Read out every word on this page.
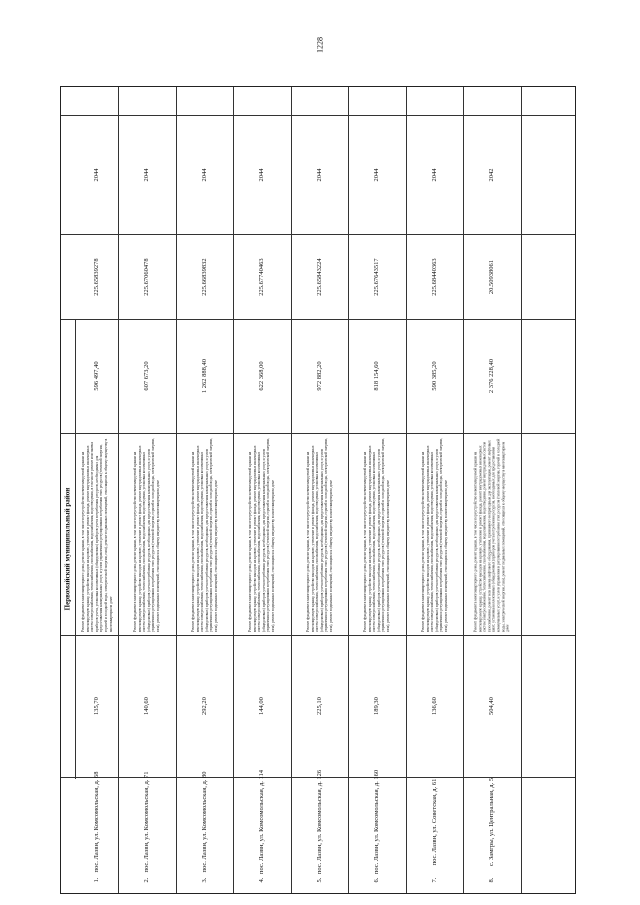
1228
Первомайский муниципальный район
2044
225.65839278
596 497,40
Ремонт фундамента многоквартирного дома, ремонт крыши, в том числе переустройство невентилируемой крыши на вентилируемую крышу, устройство выходов на кровлю, утепление и ремонт фасада, ремонт внутридомовых инженерных систем электроснабжения, теплоснабжения, газоснабжения, водоснабжения, водоотведения, в том числе ремонт или замена приборов учета, установка коллективных (общедомовых) приборов учета потребления ресурсов, необходимых для предоставления коммунальных услуг, и узлов управления и регулирования потребления этих ресурсов (тепловой энергии, горячей и холодной воды, электрической энергии, газа), ремонт подвальных помещений, относящихся к общему имуществу в многоквартирном доме
135,70
пос. Лазвн, ул. Комсомольская, д. 68
1.
2044
225.67060478
607 673,20
Ремонт фундамента многоквартирного дома, ремонт крыши, в том числе переустройство невентилируемой крыши на вентилируемую крышу, устройство выходов на кровлю, утепление и ремонт фасада, ремонт внутридомовых инженерных систем электроснабжения, теплоснабжения, газоснабжения, водоснабжения, водоотведения, установка коллективных (общедомовых) приборов учета потребления ресурсов, необходимых для предоставления коммунальных услуг, и узлов управления и регулирования потребления этих ресурсов (тепловой энергии, горячей и холодной воды, электрической энергии, газа), ремонт подвальных помещений, относящихся к общему имуществу в многоквартирном доме
140,60
пос. Лазвн, ул. Комсомольская, д. 71
2.
2044
225.66839832
1 262 888,40
Ремонт фундамента многоквартирного дома, ремонт крыши, в том числе переустройство невентилируемой крыши на вентилируемую крышу, устройство выходов на кровлю, утепление и ремонт фасада, ремонт внутридомовых инженерных систем электроснабжения, теплоснабжения, газоснабжения, водоснабжения, водоотведения, установка коллективных (общедомовых) приборов учета потребления ресурсов, необходимых для предоставления коммунальных услуг, и узлов управления и регулирования потребления этих ресурсов (тепловой энергии, горячей и холодной воды, электрической энергии, газа), ремонт подвальных помещений, относящихся к общему имуществу в многоквартирном доме
292,20
пос. Лазвн, ул. Комсомольская, д. 80
3.
2044
225.67740463
622 368,00
Ремонт фундамента многоквартирного дома, ремонт крыши, в том числе переустройство невентилируемой крыши на вентилируемую крышу, устройство выходов на кровлю, утепление и ремонт фасада, ремонт внутридомовых инженерных систем электроснабжения, теплоснабжения, газоснабжения, водоснабжения, водоотведения, установка коллективных (общедомовых) приборов учета потребления ресурсов, необходимых для предоставления коммунальных услуг, и узлов управления и регулирования потребления этих ресурсов (тепловой энергии, горячей и холодной воды, электрической энергии, газа), ремонт подвальных помещений, относящихся к общему имуществу в многоквартирном доме
144,00
пос. Лазвн, ул. Комсомольская, д. 114
4.
2044
225.65843224
972 882,20
Ремонт фундамента многоквартирного дома, ремонт крыши, в том числе переустройство невентилируемой крыши на вентилируемую крышу, устройство выходов на кровлю, утепление и ремонт фасада, ремонт внутридомовых инженерных систем электроснабжения, теплоснабжения, газоснабжения, водоснабжения, водоотведения, установка коллективных (общедомовых) приборов учета потребления ресурсов, необходимых для предоставления коммунальных услуг, и узлов управления и регулирования потребления этих ресурсов (тепловой энергии, горячей и холодной воды, электрической энергии, газа), ремонт подвальных помещений, относящихся к общему имуществу в многоквартирном доме
225,10
пос. Лазвн, ул. Комсомольская, д. 126
5.
2044
225.67643517
818 154,60
Ремонт фундамента многоквартирного дома, ремонт крыши, в том числе переустройство невентилируемой крыши на вентилируемую крышу, устройство выходов на кровлю, утепление и ремонт фасада, ремонт внутридомовых инженерных систем электроснабжения, теплоснабжения, газоснабжения, водоснабжения, водоотведения, установка коллективных (общедомовых) приборов учета потребления ресурсов, необходимых для предоставления коммунальных услуг, и узлов управления и регулирования потребления этих ресурсов (тепловой энергии, горячей и холодной воды, электрической энергии, газа), ремонт подвальных помещений, относящихся к общему имуществу в многоквартирном доме
189,30
пос. Лазвн, ул. Комсомольская, д. 160
6.
2044
225.68440363
590 385,20
Ремонт фундамента многоквартирного дома, ремонт крыши, в том числе переустройство невентилируемой крыши на вентилируемую крышу, устройство выходов на кровлю, утепление и ремонт фасада, ремонт внутридомовых инженерных систем электроснабжения, теплоснабжения, газоснабжения, водоснабжения, водоотведения, установка коллективных (общедомовых) приборов учета потребления ресурсов, необходимых для предоставления коммунальных услуг, и узлов управления и регулирования потребления этих ресурсов (тепловой энергии, горячей и холодной воды, электрической энергии, газа), ремонт подвальных помещений, относящихся к общему имуществу в многоквартирном доме
136,60
пос. Лазвн, ул. Советская, д. 61
7.
2042
20.50938061
2 376 228,40
Ремонт фундамента многоквартирного дома, ремонт крыши, в том числе переустройство невентилируемой крыши на вентилируемую крышу, устройство выходов на кровлю, утепление и ремонт фасада, ремонт внутридомовых инженерных систем электроснабжения, теплоснабжения, газоснабжения, водоснабжения, водоотведения, ремонт внутридомовых систем газоснабжения, ремонт или замена лифтового оборудования, признанного непригодным для эксплуатации, ремонт лифтовых шахт, установка коллективных (общедомовых) приборов учета потребления ресурсов, необходимых для предоставления коммунальных услуг, и узлов управления и регулирования потребления этих ресурсов (тепловой энергии, горячей и холодной воды, электрической энергии, газа), ремонт подвальных помещений, относящихся к общему имуществу в многоквартирном доме
504,40
с. Замгры, ул. Центральная, д. 5
8.
